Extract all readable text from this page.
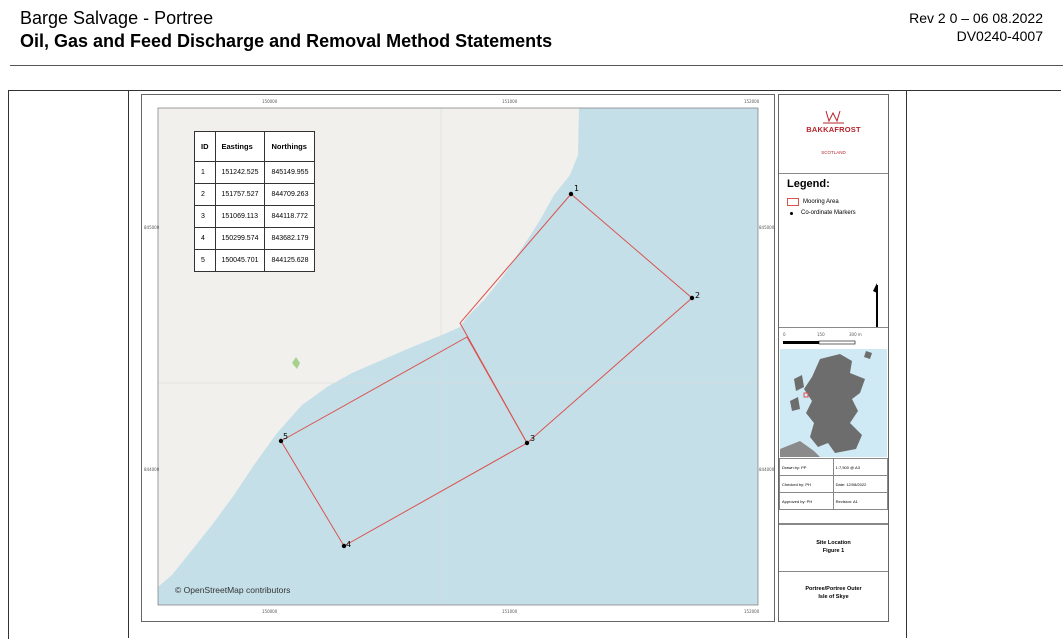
Barge Salvage - Portree
Oil, Gas and Feed Discharge and Removal Method Statements
Rev 2 0 – 06 08.2022
DV0240-4007
1
2
3
4
5
150000	151000	152000
150000	151000	152000
845000
844000
845000
844000
ID	Eastings	Northings
1	151242.525	845149.955
2	151757.527	844709.263
3	151069.113	844118.772
4	150299.574	843682.179
5	150045.701	844125.628
© OpenStreetMap contributors
BAKKAFROST
SCOTLAND
Legend:
Mooring Area
Co-ordinate Markers
0	150	300 m
Drawn by: PP	1:7,500 @ A3
Checked by: PH	Date: 12/08/2022
Approved by: PH	Revision: A1
Site Location
Figure 1
Portree/Portree Outer
Isle of Skye
